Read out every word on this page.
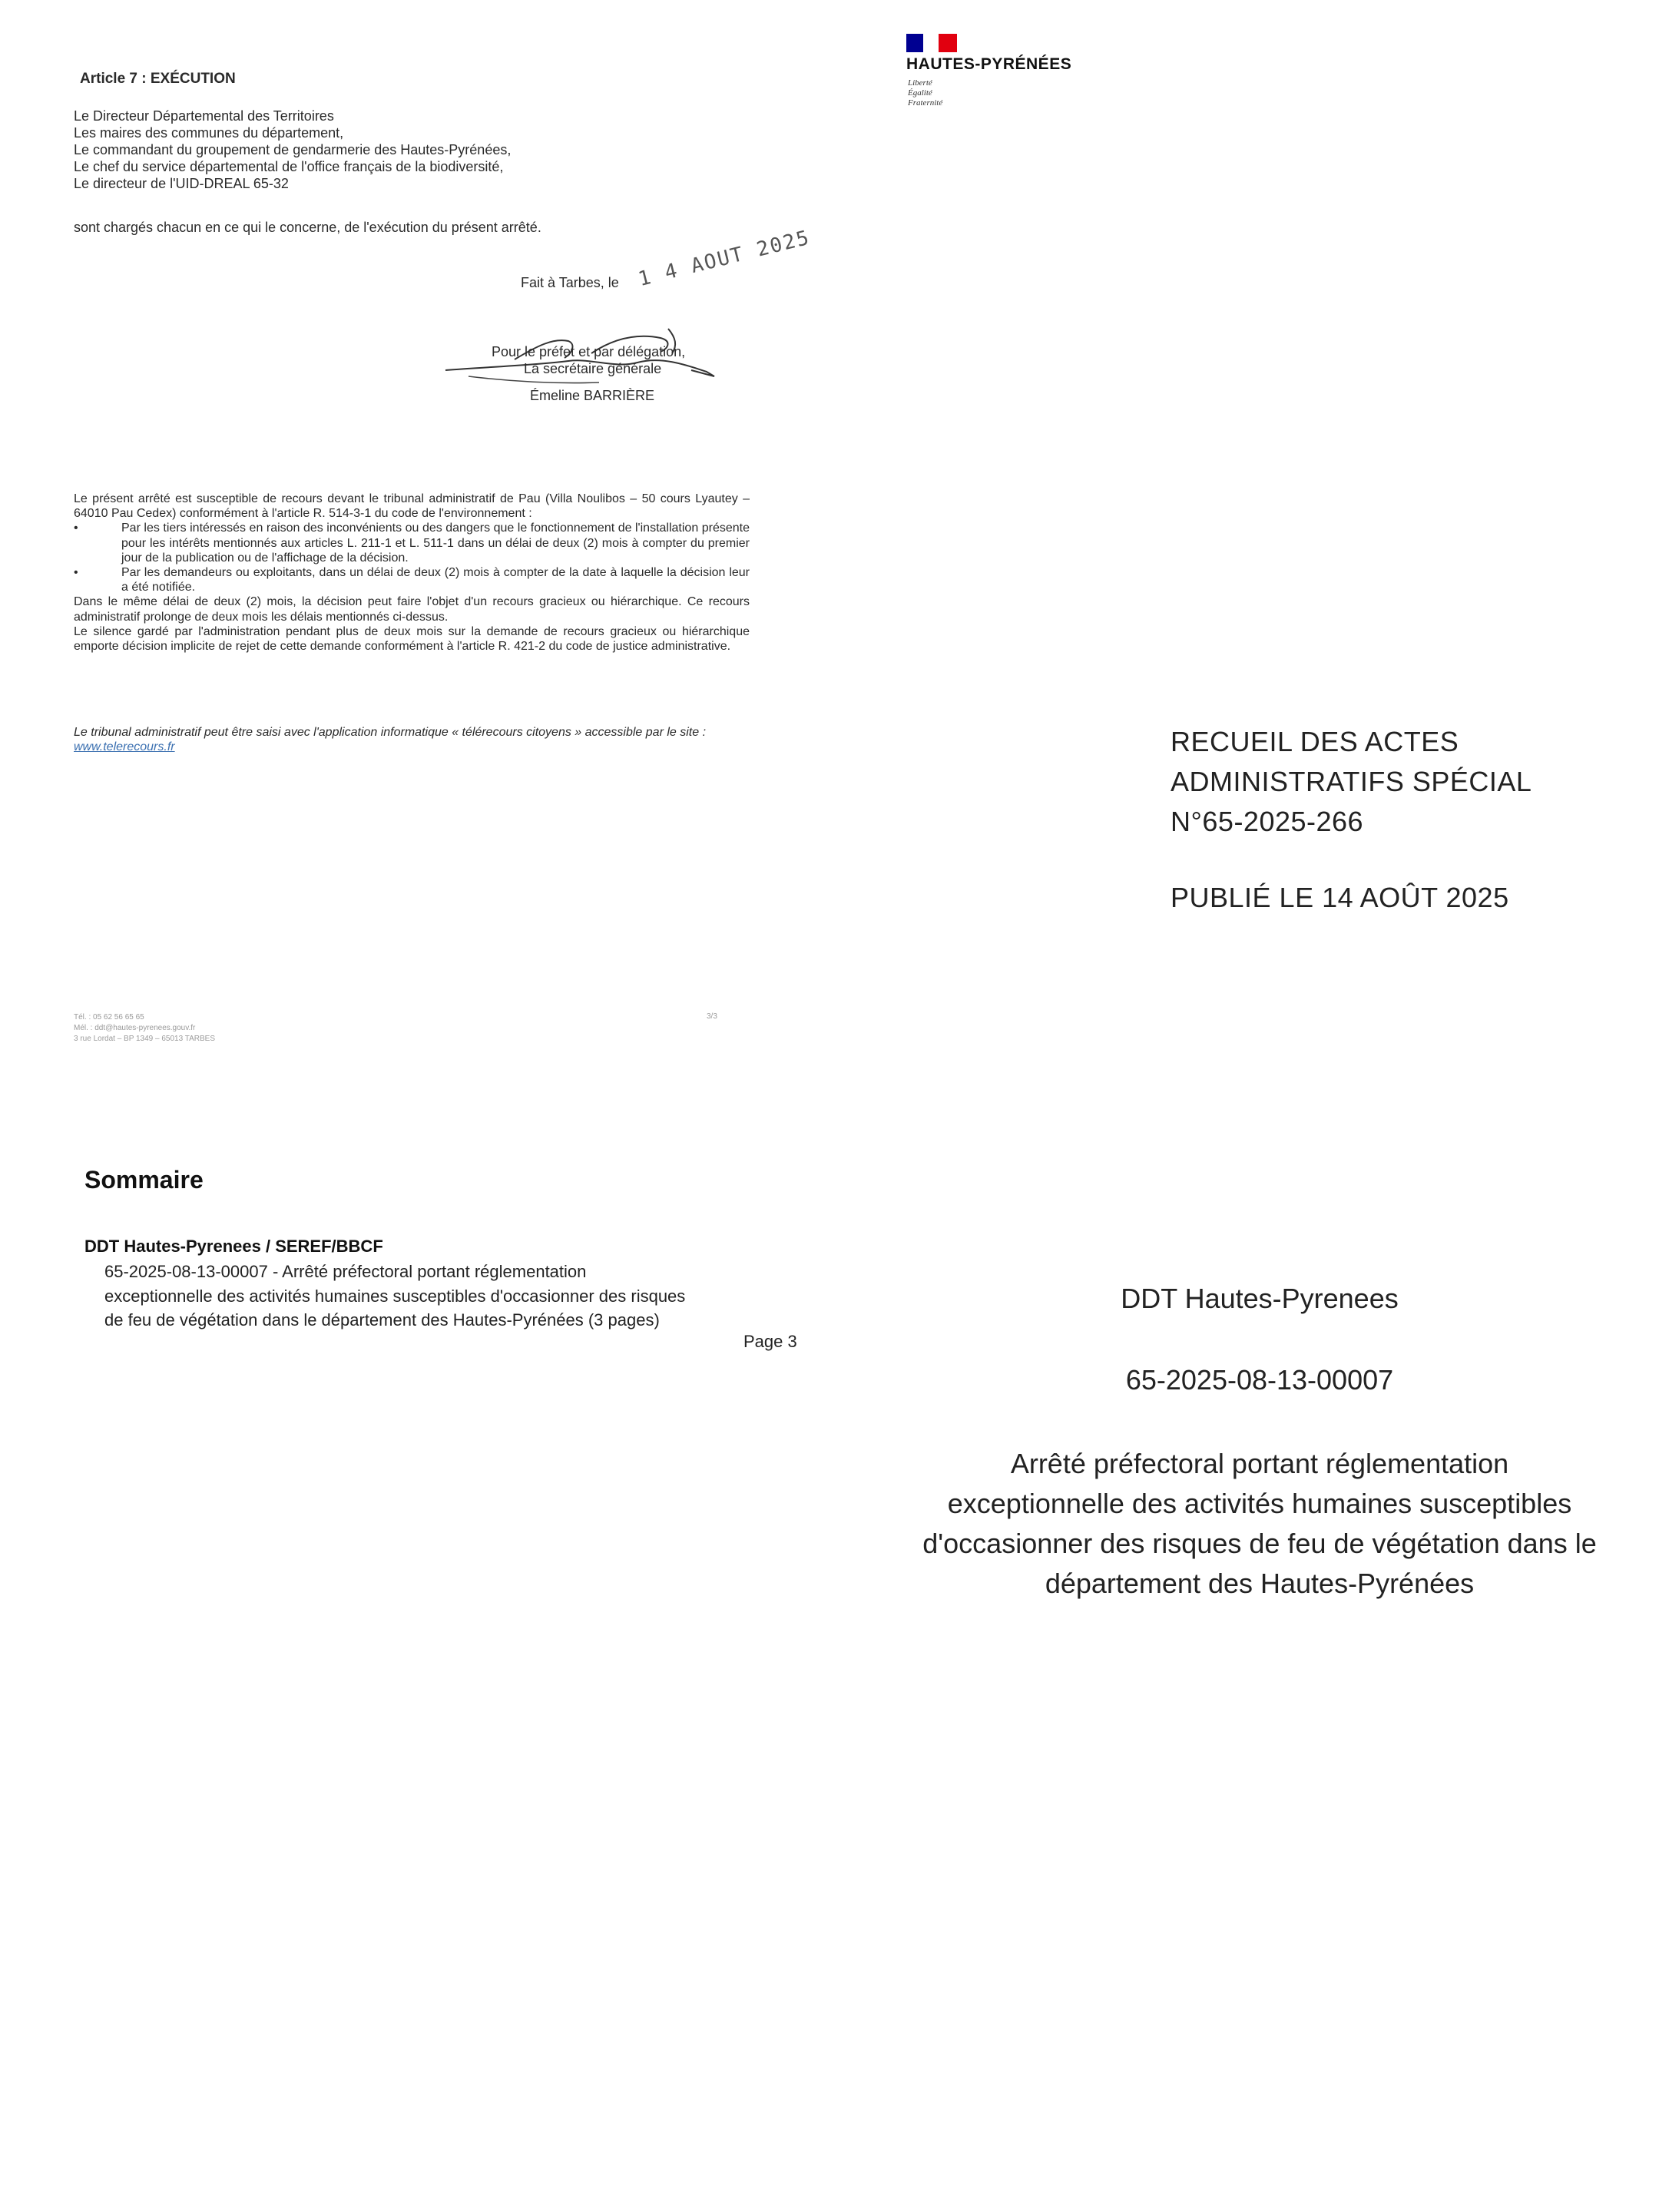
Article 7 : EXÉCUTION
Le Directeur Départemental des Territoires
Les maires des communes du département,
Le commandant du groupement de gendarmerie des Hautes-Pyrénées,
Le chef du service départemental de l'office français de la biodiversité,
Le directeur de l'UID-DREAL 65-32
sont chargés chacun en ce qui le concerne, de l'exécution du présent arrêté.
Fait à Tarbes, le 1 4 AOUT 2025
Pour le préfet et par délégation,
La secrétaire générale
Émeline BARRIÈRE

Le présent arrêté est susceptible de recours devant le tribunal administratif de Pau (Villa Noulibos – 50 cours Lyautey – 64010 Pau Cedex) conformément à l'article R. 514-3-1 du code de l'environnement :

•	Par les tiers intéressés en raison des inconvénients ou des dangers que le fonctionnement de l'installation présente pour les intérêts mentionnés aux articles L. 211-1 et L. 511-1 dans un délai de deux (2) mois à compter du premier jour de la publication ou de l'affichage de la décision.
•	Par les demandeurs ou exploitants, dans un délai de deux (2) mois à compter de la date à laquelle la décision leur a été notifiée.

Dans le même délai de deux (2) mois, la décision peut faire l'objet d'un recours gracieux ou hiérarchique. Ce recours administratif prolonge de deux mois les délais mentionnés ci-dessus.

Le silence gardé par l'administration pendant plus de deux mois sur la demande de recours gracieux ou hiérarchique emporte décision implicite de rejet de cette demande conformément à l'article R. 421-2 du code de justice administrative.

Le tribunal administratif peut être saisi avec l'application informatique « télérecours citoyens » accessible par le site : www.telerecours.fr
Tél. : 05 62 56 65 65
Mél. : ddt@hautes-pyrenees.gouv.fr
3 rue Lordat – BP 1349 – 65013 TARBES
3/3
HAUTES-PYRÉNÉES
Liberté
Égalité
Fraternité
RECUEIL DES ACTES
ADMINISTRATIFS SPÉCIAL
N°65-2025-266
PUBLIÉ LE 14 AOÛT 2025
Sommaire
DDT Hautes-Pyrenees / SEREF/BBCF
65-2025-08-13-00007 - Arrêté préfectoral portant réglementation exceptionnelle des activités humaines susceptibles d'occasionner des risques de feu de végétation dans le département des Hautes-Pyrénées (3 pages)
Page 3
DDT Hautes-Pyrenees
65-2025-08-13-00007
Arrêté préfectoral portant réglementation exceptionnelle des activités humaines susceptibles d'occasionner des risques de feu de végétation dans le département des Hautes-Pyrénées
